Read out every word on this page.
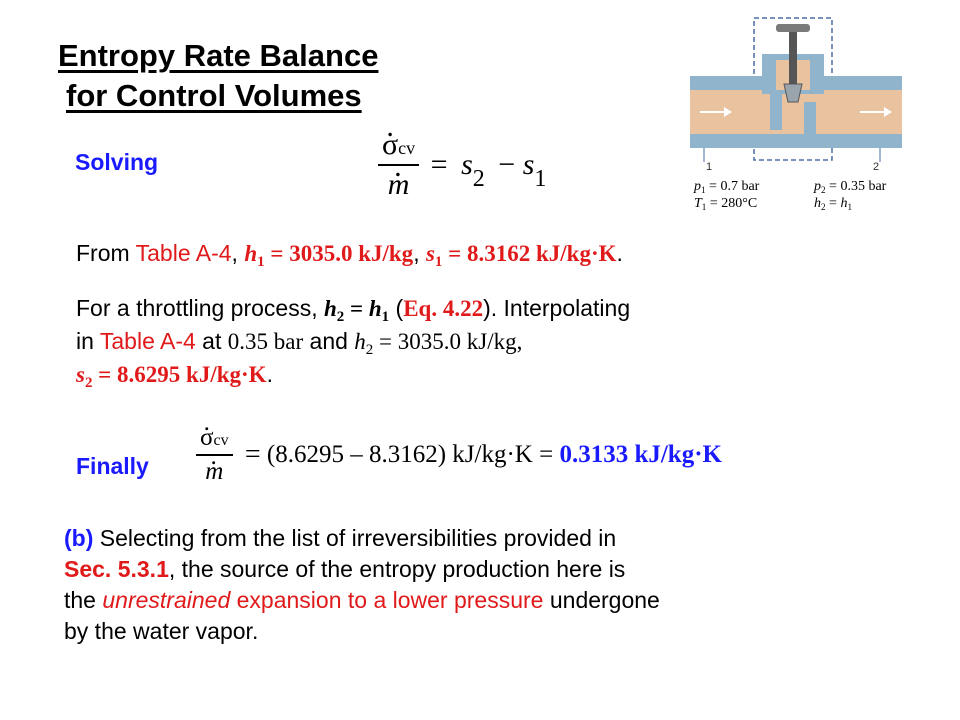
Entropy Rate Balance
for Control Volumes
Solving	. σcv
. $m = s_2 - s_1$	1	2
$p_1 = 0.7$ bar
$T_1 = 280^\circ C$
$p_2 = 0.35$ bar
$h_2 = h_1$
From Table A-4, $h_1 = 3035.0$ kJ/kg, $s_1 = 8.3162$ kJ/kg·K.
For a throttling process, $h_2 = h_1$ (Eq. 4.22). Interpolating
in Table A-4 at 0.35 bar and $h_2 = 3035.0$ kJ/kg,
$s_2 = 8.6295$ kJ/kg·K.
Finally . σcv
. m = (8.6295 – 8.3162) kJ/kg·K = 0.3133 kJ/kg·K
(b) Selecting from the list of irreversibilities provided in
Sec. 5.3.1, the source of the entropy production here is
the unrestrained expansion to a lower pressure undergone
by the water vapor.
